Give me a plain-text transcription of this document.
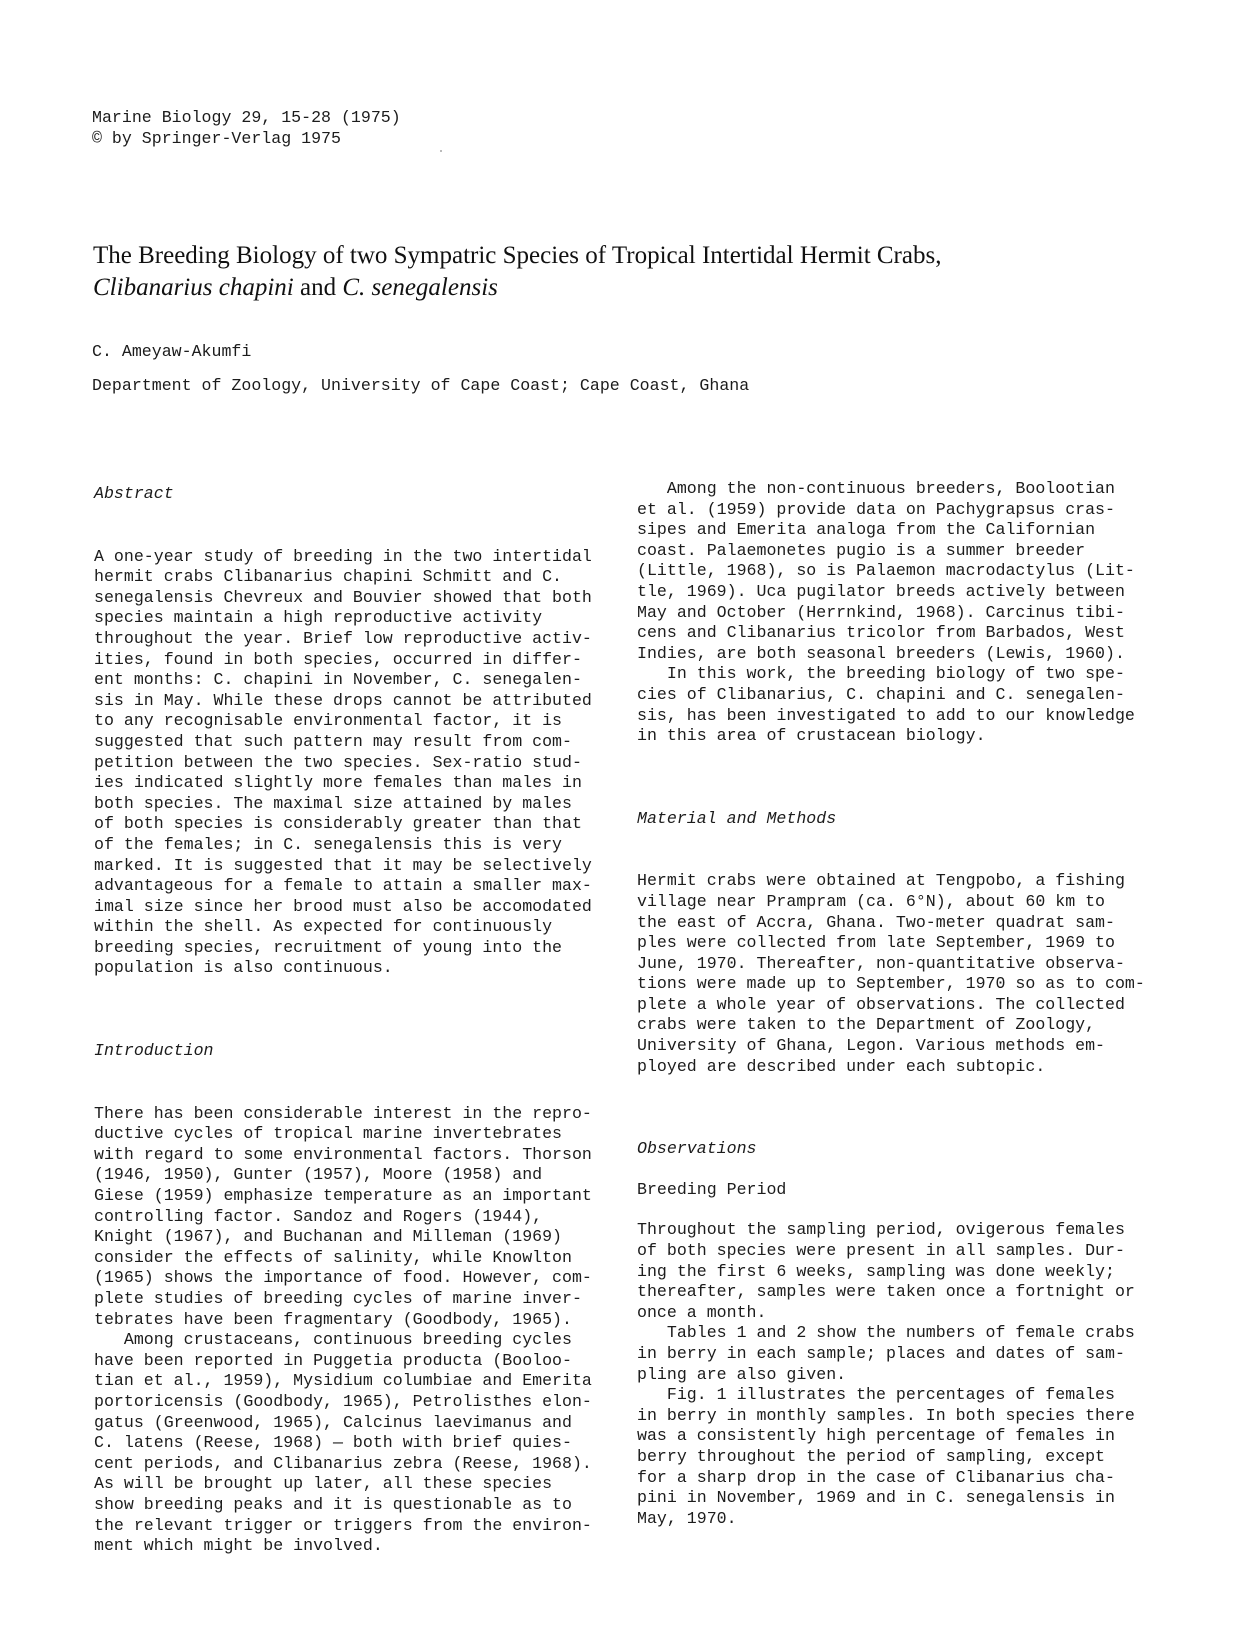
Marine Biology 29, 15-28 (1975)
© by Springer-Verlag 1975
The Breeding Biology of two Sympatric Species of Tropical Intertidal Hermit Crabs,
Clibanarius chapini and C. senegalensis
C. Ameyaw-Akumfi
Department of Zoology, University of Cape Coast; Cape Coast, Ghana
Abstract
A one-year study of breeding in the two intertidal
hermit crabs Clibanarius chapini Schmitt and C.
senegalensis Chevreux and Bouvier showed that both
species maintain a high reproductive activity
throughout the year. Brief low reproductive activ-
ities, found in both species, occurred in differ-
ent months: C. chapini in November, C. senegalen-
sis in May. While these drops cannot be attributed
to any recognisable environmental factor, it is
suggested that such pattern may result from com-
petition between the two species. Sex-ratio stud-
ies indicated slightly more females than males in
both species. The maximal size attained by males
of both species is considerably greater than that
of the females; in C. senegalensis this is very
marked. It is suggested that it may be selectively
advantageous for a female to attain a smaller max-
imal size since her brood must also be accomodated
within the shell. As expected for continuously
breeding species, recruitment of young into the
population is also continuous.
Introduction
There has been considerable interest in the repro-
ductive cycles of tropical marine invertebrates
with regard to some environmental factors. Thorson
(1946, 1950), Gunter (1957), Moore (1958) and
Giese (1959) emphasize temperature as an important
controlling factor. Sandoz and Rogers (1944),
Knight (1967), and Buchanan and Milleman (1969)
consider the effects of salinity, while Knowlton
(1965) shows the importance of food. However, com-
plete studies of breeding cycles of marine inver-
tebrates have been fragmentary (Goodbody, 1965).
Among crustaceans, continuous breeding cycles
have been reported in Puggetia producta (Booloo-
tian et al., 1959), Mysidium columbiae and Emerita
portoricensis (Goodbody, 1965), Petrolisthes elon-
gatus (Greenwood, 1965), Calcinus laevimanus and
C. latens (Reese, 1968) — both with brief quies-
cent periods, and Clibanarius zebra (Reese, 1968).
As will be brought up later, all these species
show breeding peaks and it is questionable as to
the relevant trigger or triggers from the environ-
ment which might be involved.
Among the non-continuous breeders, Boolootian
et al. (1959) provide data on Pachygrapsus cras-
sipes and Emerita analoga from the Californian
coast. Palaemonetes pugio is a summer breeder
(Little, 1968), so is Palaemon macrodactylus (Lit-
tle, 1969). Uca pugilator breeds actively between
May and October (Herrnkind, 1968). Carcinus tibi-
cens and Clibanarius tricolor from Barbados, West
Indies, are both seasonal breeders (Lewis, 1960).
In this work, the breeding biology of two spe-
cies of Clibanarius, C. chapini and C. senegalen-
sis, has been investigated to add to our knowledge
in this area of crustacean biology.
Material and Methods
Hermit crabs were obtained at Tengpobo, a fishing
village near Prampram (ca. 6°N), about 60 km to
the east of Accra, Ghana. Two-meter quadrat sam-
ples were collected from late September, 1969 to
June, 1970. Thereafter, non-quantitative observa-
tions were made up to September, 1970 so as to com-
plete a whole year of observations. The collected
crabs were taken to the Department of Zoology,
University of Ghana, Legon. Various methods em-
ployed are described under each subtopic.
Observations
Breeding Period
Throughout the sampling period, ovigerous females
of both species were present in all samples. Dur-
ing the first 6 weeks, sampling was done weekly;
thereafter, samples were taken once a fortnight or
once a month.
Tables 1 and 2 show the numbers of female crabs
in berry in each sample; places and dates of sam-
pling are also given.
Fig. 1 illustrates the percentages of females
in berry in monthly samples. In both species there
was a consistently high percentage of females in
berry throughout the period of sampling, except
for a sharp drop in the case of Clibanarius cha-
pini in November, 1969 and in C. senegalensis in
May, 1970.
